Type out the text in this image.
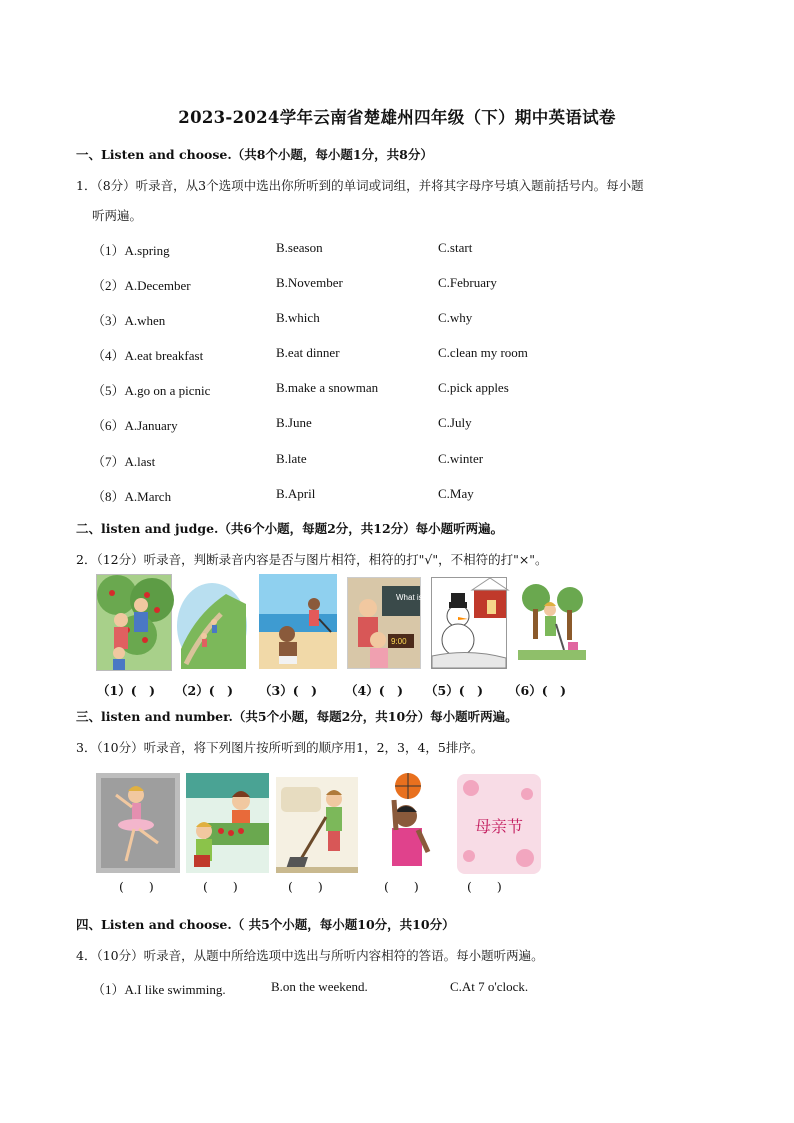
2023-2024学年云南省楚雄州四年级（下）期中英语试卷
一、Listen and choose.（共8个小题，每小题1分，共8分）
1．（8分）听录音，从3个选项中选出你所听到的单词或词组，并将其字母序号填入题前括号内。每小题
听两遍。
（1）A.spring	B.season	C.start
（2）A.December	B.November	C.February
（3）A.when	B.which	C.why
（4）A.eat breakfast	B.eat dinner	C.clean my room
（5）A.go on a picnic	B.make a snowman	C.pick apples
（6）A.January	B.June	C.July
（7）A.last	B.late	C.winter
（8）A.March	B.April	C.May
二、listen and judge.（共6个小题，每题2分，共12分）每小题听两遍。
2．（12分）听录音，判断录音内容是否与图片相符，相符的打"√"，不相符的打"×"。
What is
9:00
（1）(　) （2）(　) （3）(　) （4）(　) （5）(　) （6）(　)
三、listen and number.（共5个小题，每题2分，共10分）每小题听两遍。
3．（10分）听录音，将下列图片按所听到的顺序用1，2，3，4，5排序。
母亲节
(　　)	(　　)	(　　)	(　　)	(　　)
四、Listen and choose.（ 共5个小题，每小题10分，共10分）
4．（10分）听录音，从题中所给选项中选出与所听内容相符的答语。每小题听两遍。
（1）A.I like swimming.	B.on the weekend.	C.At 7 o'clock.
